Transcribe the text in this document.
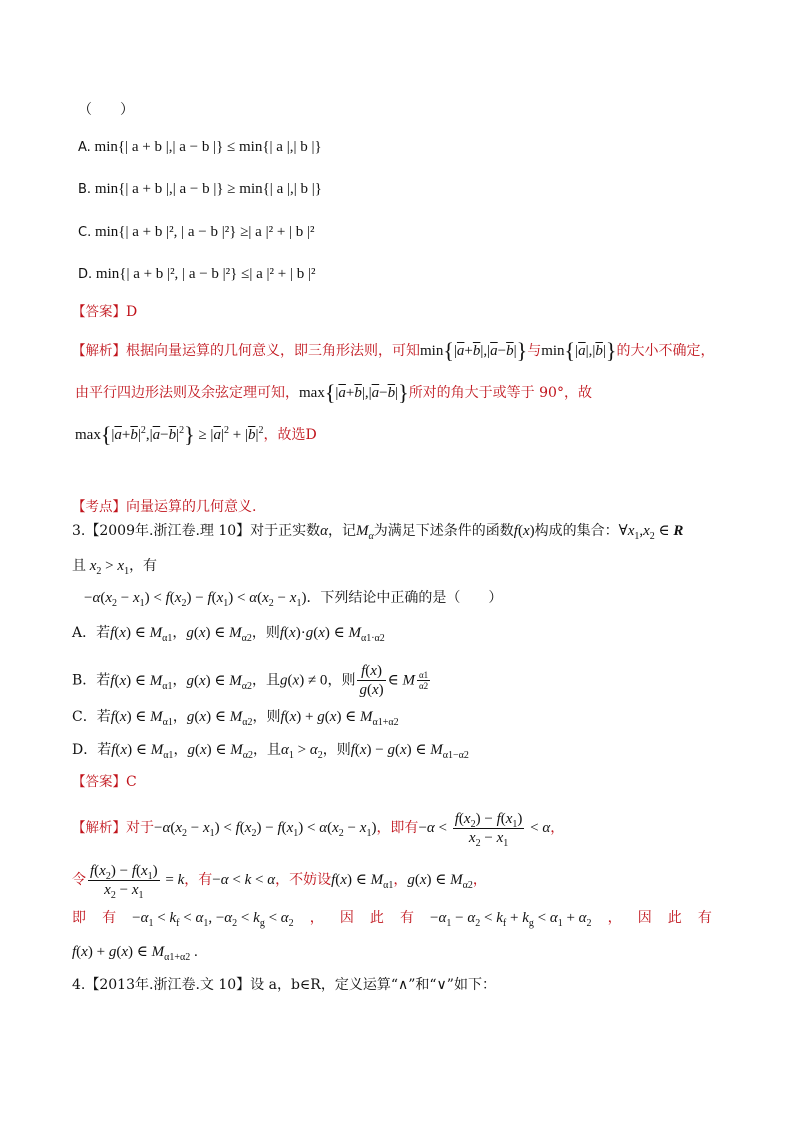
（　　）
A. min{| a + b |,| a − b |} ≤ min{| a |,| b |}
B. min{| a + b |,| a − b |} ≥ min{| a |,| b |}
C. min{| a + b |², | a − b |²} ≥| a |² + | b |²
D. min{| a + b |², | a − b |²} ≤| a |² + | b |²
【答案】D
【解析】根据向量运算的几何意义，即三角形法则，可知$\min\{|\overline{a}+\overline{b}|,|\overline{a}-\overline{b}|\}$与$\min\{|\overline{a}|,|\overline{b}|\}$的大小不确定，
由平行四边形法则及余弦定理可知，$\max\{|\overline{a}+\overline{b}|,|\overline{a}-\overline{b}|\}$所对的角大于或等于 90°，故
$\max\{|\overline{a}+\overline{b}|^2,|\overline{a}-\overline{b}|^2\} \ge |\overline{a}|^2 + |\overline{b}|^2$，故选D
【考点】向量运算的几何意义.
3.【2009年.浙江卷.理 10】对于正实数α，记$M_\alpha$为满足下述条件的函数f(x)构成的集合：$\forall x_1,x_2$ ∈ R
且 $x_2 > x_1$，有
$-\alpha(x_2 - x_1) < f(x_2) - f(x_1) < \alpha(x_2 - x_1)$．下列结论中正确的是（　　）
A．若f(x) ∈ $M_{\alpha 1}$，g(x) ∈ $M_{\alpha 2}$，则f(x)·g(x) ∈ $M_{\alpha 1\cdot\alpha 2}$
B．若f(x) ∈ $M_{\alpha 1}$，g(x) ∈ $M_{\alpha 2}$，且g(x) ≠ 0，则 $\frac{f(x)}{g(x)}$ ∈ M $\frac{\alpha 1}{\alpha 2}$
C．若f(x) ∈ $M_{\alpha 1}$，g(x) ∈ $M_{\alpha 2}$，则f(x) + g(x) ∈ $M_{\alpha 1+\alpha 2}$
D．若f(x) ∈ $M_{\alpha 1}$，g(x) ∈ $M_{\alpha 2}$，且$\alpha_1 > \alpha_2$，则f(x) − g(x) ∈ $M_{\alpha 1-\alpha 2}$
【答案】C
【解析】对于$-\alpha(x_2 - x_1) < f(x_2) - f(x_1) < \alpha(x_2 - x_1)$，即有$-\alpha < \frac{f(x_2) - f(x_1)}{x_2 - x_1} < \alpha$，
令 $\frac{f(x_2) - f(x_1)}{x_2 - x_1} = k$，有−α < k < α，不妨设f(x) ∈ $M_{\alpha 1}$，g(x) ∈ $M_{\alpha 2}$，
即 有 $-\alpha_1 < k_f < \alpha_1$, $-\alpha_2 < k_g < \alpha_2$ ， 因 此 有 $-\alpha_1 - \alpha_2 < k_f + k_g < \alpha_1 + \alpha_2$ ， 因 此 有
f(x) + g(x) ∈ $M_{\alpha 1+\alpha 2}$ .
4.【2013年.浙江卷.文 10】设 a，b∈R，定义运算“∧”和“∨”如下：
